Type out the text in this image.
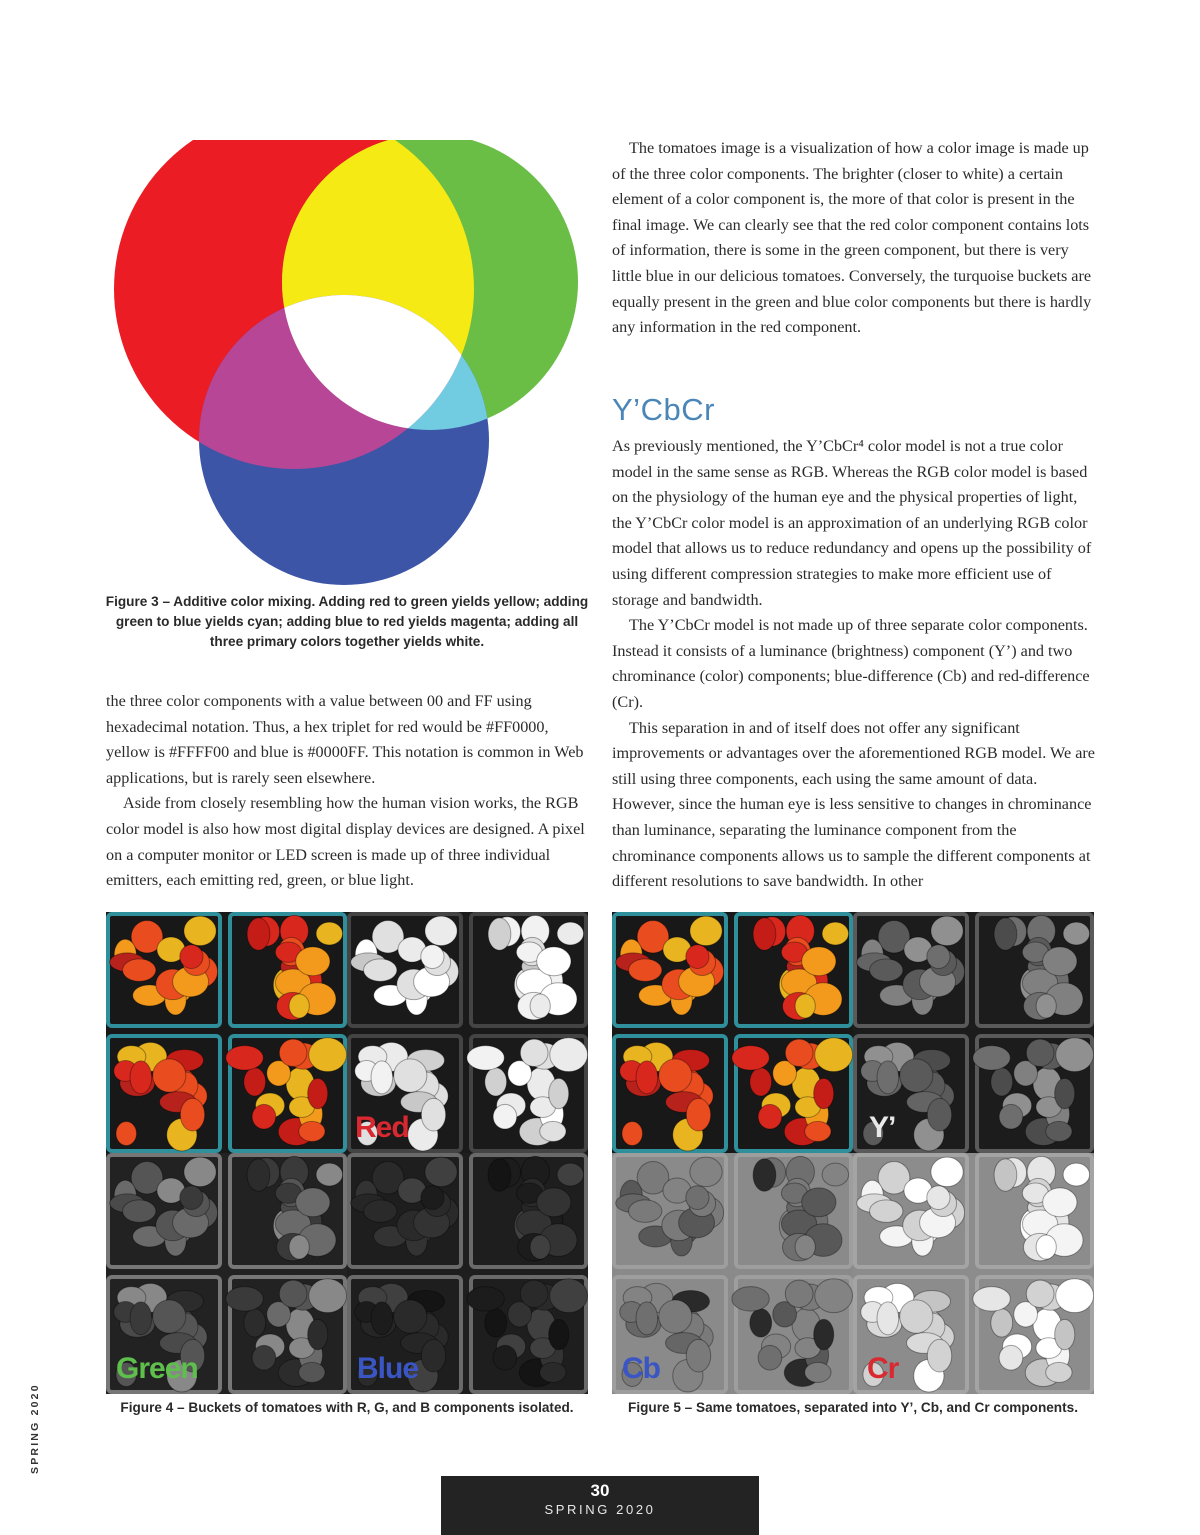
Figure 3 – Additive color mixing. Adding red to green yields yellow; adding green to blue yields cyan; adding blue to red yields magenta; adding all three primary colors together yields white.

the three color components with a value between 00 and FF using hexadecimal notation. Thus, a hex triplet for red would be #FF0000, yellow is #FFFF00 and blue is #0000FF. This notation is common in Web applications, but is rarely seen elsewhere.

Aside from closely resembling how the human vision works, the RGB color model is also how most digital display devices are designed. A pixel on a computer monitor or LED screen is made up of three individual emitters, each emitting red, green, or blue light.

The tomatoes image is a visualization of how a color image is made up of the three color components. The brighter (closer to white) a certain element of a color component is, the more of that color is present in the final image. We can clearly see that the red color component contains lots of information, there is some in the green component, but there is very little blue in our delicious tomatoes. Conversely, the turquoise buckets are equally present in the green and blue color components but there is hardly any information in the red component.

Y’CbCr

As previously mentioned, the Y’CbCr⁴ color model is not a true color model in the same sense as RGB. Whereas the RGB color model is based on the physiology of the human eye and the physical properties of light, the Y’CbCr color model is an approximation of an underlying RGB color model that allows us to reduce redundancy and opens up the possibility of using different compression strategies to make more efficient use of storage and bandwidth.

The Y’CbCr model is not made up of three separate color components. Instead it consists of a luminance (brightness) component (Y’) and two chrominance (color) components; blue-difference (Cb) and red-difference (Cr).

This separation in and of itself does not offer any significant improvements or advantages over the aforementioned RGB model. We are still using three components, each using the same amount of data. However, since the human eye is less sensitive to changes in chrominance than luminance, separating the luminance component from the chrominance components allows us to sample the different components at different resolutions to save bandwidth. In other

Red
Green	Blue
Figure 4 – Buckets of tomatoes with R, G, and B components isolated.
Y’
Cb	Cr
Figure 5 – Same tomatoes, separated into Y’, Cb, and Cr components.
SPRING 2020
30
SPRING 2020
